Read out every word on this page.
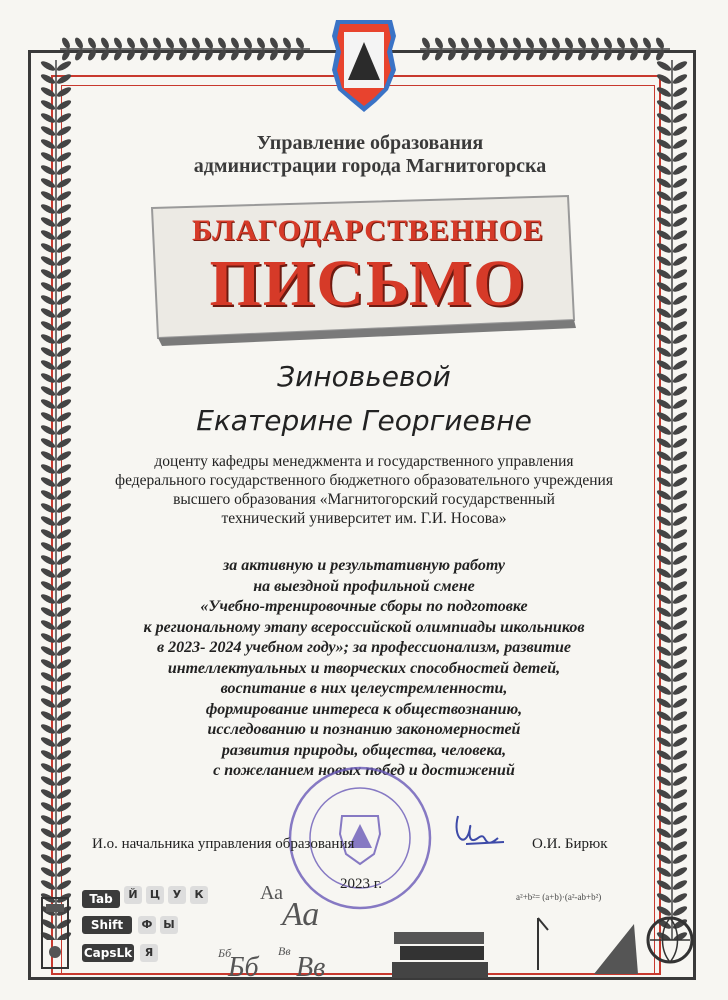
Управление образования
администрации города Магнитогорска
БЛАГОДАРСТВЕННОЕ
ПИСЬМО
Зиновьевой
Екатерине Георгиевне
доценту кафедры менеджмента и государственного управления
федерального государственного бюджетного образовательного учреждения
высшего образования «Магнитогорский государственный
технический университет им. Г.И. Носова»
за активную и результативную работу
на выездной профильной смене
«Учебно-тренировочные сборы по подготовке
к региональному этапу всероссийской олимпиады школьников
в 2023- 2024 учебном году»; за профессионализм, развитие
интеллектуальных и творческих способностей детей,
воспитание в них целеустремленности,
формирование интереса к обществознанию,
исследованию и познанию закономерностей
развития природы, общества, человека,
с пожеланием новых побед и достижений
И.о. начальника управления образования	О.И. Бирюк
2023 г.
Tab
Shift
CapsLk
Й	Ц	У	К
Ф Ы
Я
Аа
Аа
Бб	Вв
Бб Вв
a²+b²= (a+b)·(a²-ab+b²)
